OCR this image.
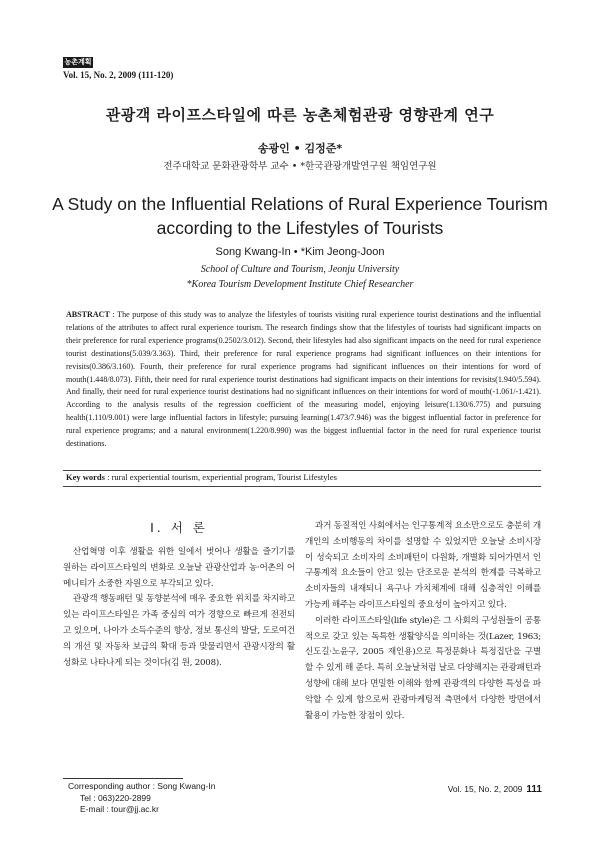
농촌계획
Vol. 15, No. 2, 2009 (111-120)
관광객 라이프스타일에 따른 농촌체험관광 영향관계 연구
송광인 • 김정준*
전주대학교 문화관광학부 교수 • *한국관광개발연구원 책임연구원
A Study on the Influential Relations of Rural Experience Tourism
according to the Lifestyles of Tourists
Song Kwang-In • *Kim Jeong-Joon
School of Culture and Tourism, Jeonju University
*Korea Tourism Development Institute Chief Researcher
ABSTRACT : The purpose of this study was to analyze the lifestyles of tourists visiting rural experience tourist destinations and the influential relations of the attributes to affect rural experience tourism. The research findings show that the lifestyles of tourists had significant impacts on their preference for rural experience programs(0.2502/3.012). Second, their lifestyles had also significant impacts on the need for rural experience tourist destinations(5.039/3.363). Third, their preference for rural experience programs had significant influences on their intentions for revisits(0.386/3.160). Fourth, their preference for rural experience programs had significant influences on their intentions for word of mouth(1.448/8.073). Fifth, their need for rural experience tourist destinations had significant impacts on their intentions for revisits(1.940/5.594). And finally, their need for rural experience tourist destinations had no significant influences on their intentions for word of mouth(-1.061/-1.421). According to the analysis results of the regression coefficient of the measuring model, enjoying leisure(1.130/6.775) and pursuing health(1.110/9.001) were large influential factors in lifestyle; pursuing learning(1.473/7.946) was the biggest influential factor in preference for rural experience programs; and a natural environment(1.220/8.990) was the biggest influential factor in the need for rural experience tourist destinations.
Key words : rural experiential tourism, experiential program, Tourist Lifestyles
I. 서 론

산업혁명 이후 생활을 위한 일에서 벗어나 생활을 즐기기를 원하는 라이프스타일의 변화로 오늘날 관광산업과 농·어촌의 어메니티가 소중한 자원으로 부각되고 있다.

관광객 행동패턴 및 동향분석에 매우 중요한 위치를 차지하고 있는 라이프스타일은 가족 중심의 여가 경향으로 빠르게 전전되고 있으며, 나아가 소득수준의 향상, 정보 통신의 발달, 도로여건의 개선 및 자동차 보급의 확대 등과 맞물리면서 관광시장의 활성화로 나타나게 되는 것이다(김 원, 2008).

과거 동질적인 사회에서는 인구통계적 요소만으로도 충분히 개개인의 소비행동의 차이를 설명할 수 있었지만 오늘날 소비시장이 성숙되고 소비자의 소비패턴이 다원화, 개별화 되어가면서 인구통계적 요소들이 안고 있는 단조로운 분석의 한계를 극복하고 소비자들의 내재되니 욕구나 가치체계에 대해 심층적인 이해를 가능케 해주는 라이프스타일의 중요성이 높아지고 있다.

이러한 라이프스타일(life style)은 그 사회의 구성원들이 공통적으로 갖고 있는 독특한 생활양식을 의미하는 것(Lazer, 1963; 신도길·노윤구, 2005 재인용)으로 특정문화나 특정집단을 구별할 수 있게 해 준다. 특히 오늘날처럼 날로 다양해지는 관광패턴과 성향에 대해 보다 면밀한 이해와 함께 관광객의 다양한 특성을 파악할 수 있게 함으로써 관광마케팅적 측면에서 다양한 방면에서 활용이 가능한 장점이 있다.

Corresponding author : Song Kwang-In
Tel : 063)220-2899
E-mail : tour@jj.ac.kr
Vol. 15, No. 2, 2009 111
